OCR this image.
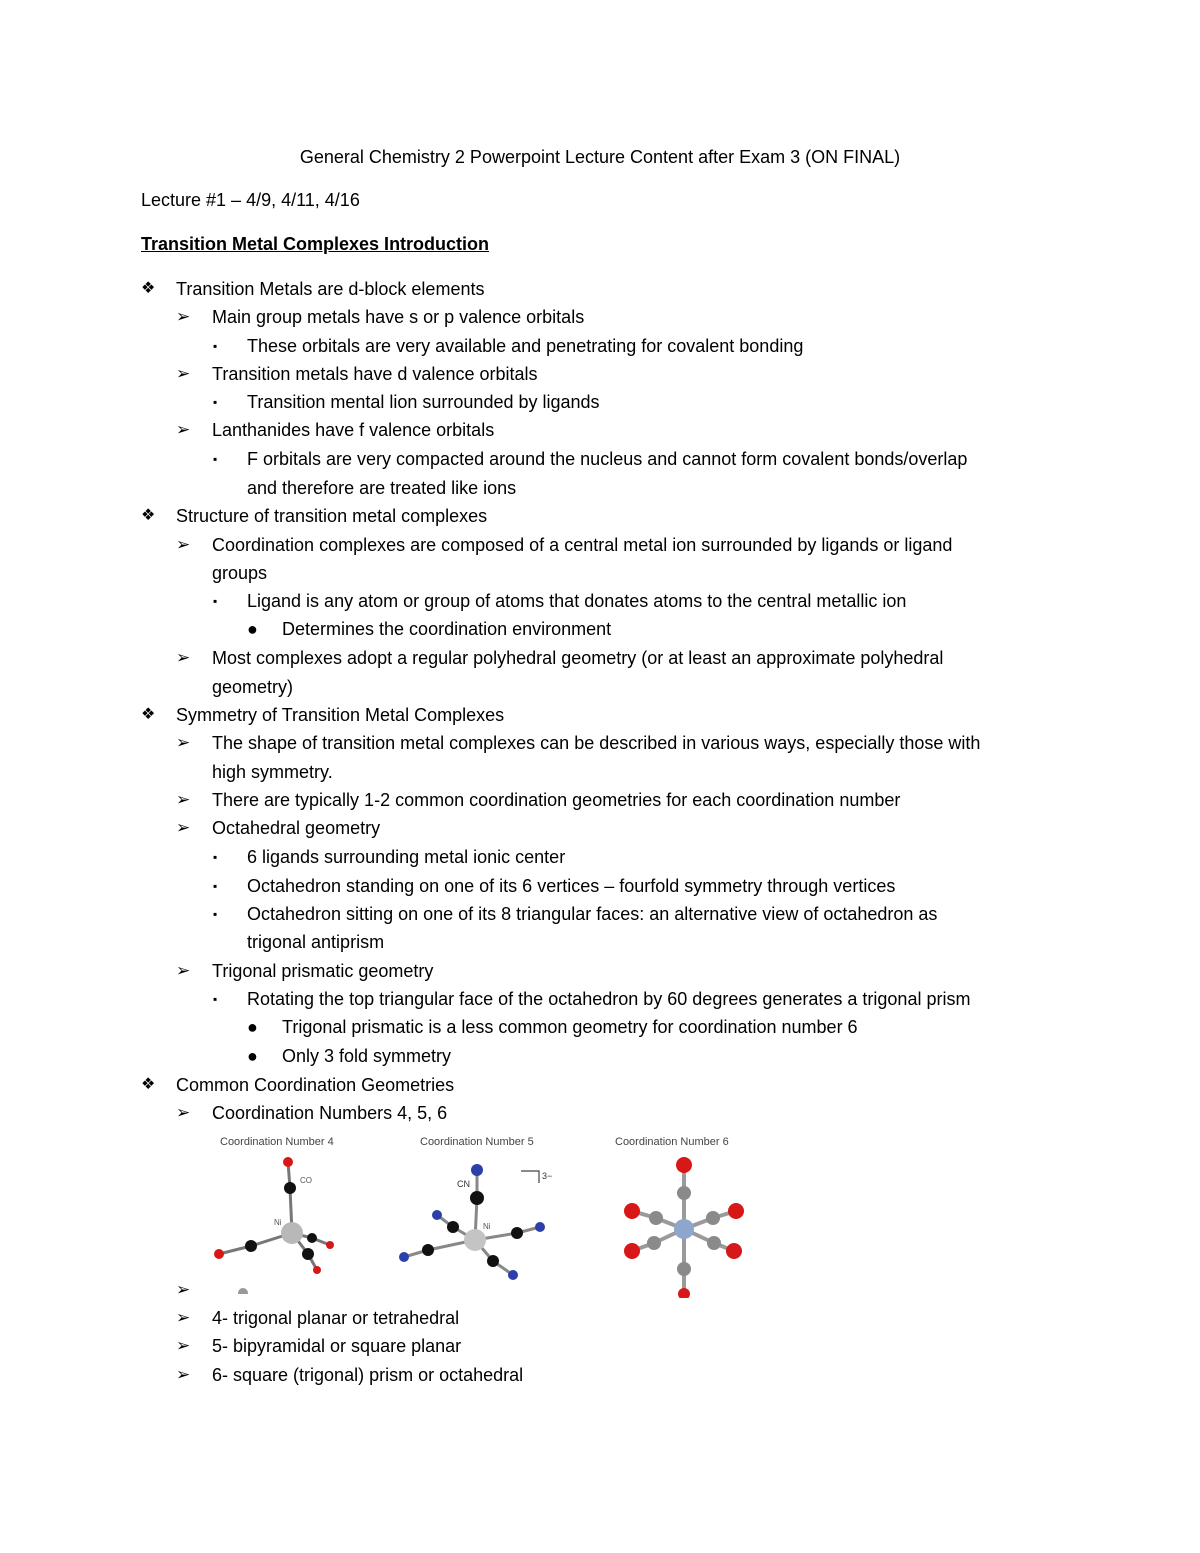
General Chemistry 2 Powerpoint Lecture Content after Exam 3 (ON FINAL)
Lecture #1 – 4/9, 4/11, 4/16
Transition Metal Complexes Introduction
❖ Transition Metals are d-block elements
➢ Main group metals have s or p valence orbitals
▪ These orbitals are very available and penetrating for covalent bonding
➢ Transition metals have d valence orbitals
▪ Transition mental lion surrounded by ligands
➢ Lanthanides have f valence orbitals
▪ F orbitals are very compacted around the nucleus and cannot form covalent bonds/overlap
and therefore are treated like ions
❖ Structure of transition metal complexes
➢ Coordination complexes are composed of a central metal ion surrounded by ligands or ligand
groups
▪ Ligand is any atom or group of atoms that donates atoms to the central metallic ion
● Determines the coordination environment
➢ Most complexes adopt a regular polyhedral geometry (or at least an approximate polyhedral
geometry)
❖ Symmetry of Transition Metal Complexes
➢ The shape of transition metal complexes can be described in various ways, especially those with
high symmetry.
➢ There are typically 1-2 common coordination geometries for each coordination number
➢ Octahedral geometry
▪ 6 ligands surrounding metal ionic center
▪ Octahedron standing on one of its 6 vertices – fourfold symmetry through vertices
▪ Octahedron sitting on one of its 8 triangular faces: an alternative view of octahedron as
trigonal antiprism
➢ Trigonal prismatic geometry
▪ Rotating the top triangular face of the octahedron by 60 degrees generates a trigonal prism
● Trigonal prismatic is a less common geometry for coordination number 6
● Only 3 fold symmetry
❖ Common Coordination Geometries
➢ Coordination Numbers 4, 5, 6
Coordination Number 4	Coordination Number 5	Coordination Number 6
CO
Ni
CN
Ni
3−
➢
➢ 4- trigonal planar or tetrahedral
➢ 5- bipyramidal or square planar
➢ 6- square (trigonal) prism or octahedral
